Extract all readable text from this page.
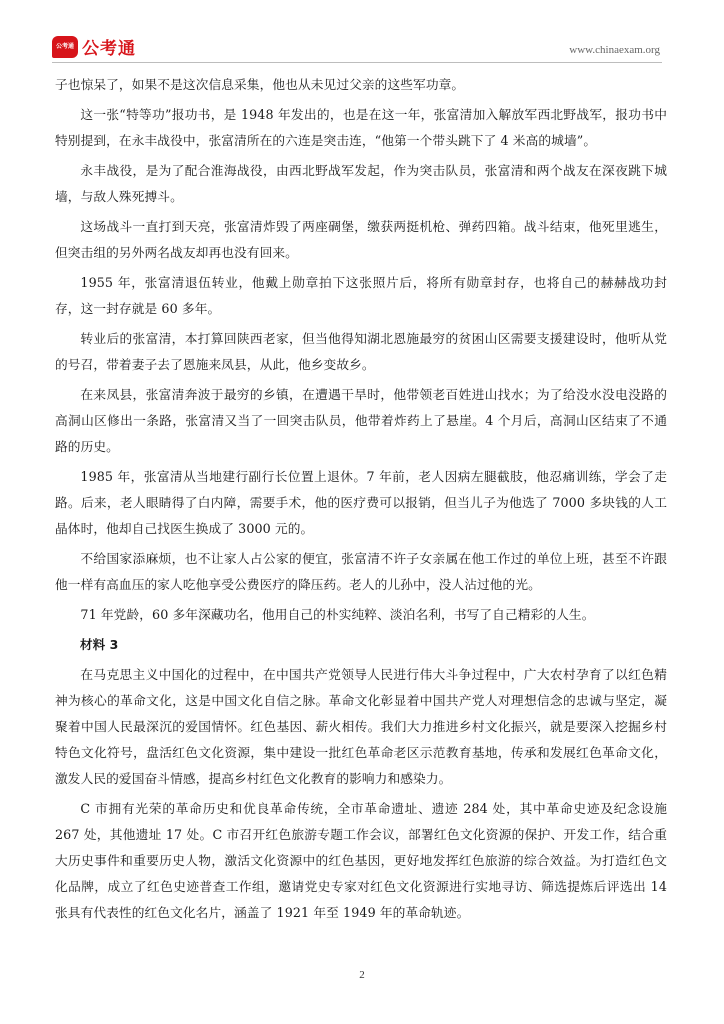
公考通 公考通	www.chinaexam.org

子也惊呆了，如果不是这次信息采集，他也从未见过父亲的这些军功章。

这一张“特等功”报功书，是 1948 年发出的，也是在这一年，张富清加入解放军西北野战军，报功书中特别提到，在永丰战役中，张富清所在的六连是突击连，“他第一个带头跳下了 4 米高的城墙”。

永丰战役，是为了配合淮海战役，由西北野战军发起，作为突击队员，张富清和两个战友在深夜跳下城墙，与敌人殊死搏斗。

这场战斗一直打到天亮，张富清炸毁了两座碉堡，缴获两挺机枪、弹药四箱。战斗结束，他死里逃生，但突击组的另外两名战友却再也没有回来。

1955 年，张富清退伍转业，他戴上勋章拍下这张照片后，将所有勋章封存，也将自己的赫赫战功封存，这一封存就是 60 多年。

转业后的张富清，本打算回陕西老家，但当他得知湖北恩施最穷的贫困山区需要支援建设时，他听从党的号召，带着妻子去了恩施来凤县，从此，他乡变故乡。

在来凤县，张富清奔波于最穷的乡镇，在遭遇干旱时，他带领老百姓进山找水；为了给没水没电没路的高洞山区修出一条路，张富清又当了一回突击队员，他带着炸药上了悬崖。4 个月后，高洞山区结束了不通路的历史。

1985 年，张富清从当地建行副行长位置上退休。7 年前，老人因病左腿截肢，他忍痛训练，学会了走路。后来，老人眼睛得了白内障，需要手术，他的医疗费可以报销，但当儿子为他选了 7000 多块钱的人工晶体时，他却自己找医生换成了 3000 元的。

不给国家添麻烦，也不让家人占公家的便宜，张富清不许子女亲属在他工作过的单位上班，甚至不许跟他一样有高血压的家人吃他享受公费医疗的降压药。老人的儿孙中，没人沾过他的光。

71 年党龄，60 多年深藏功名，他用自己的朴实纯粹、淡泊名利，书写了自己精彩的人生。

材料 3

在马克思主义中国化的过程中，在中国共产党领导人民进行伟大斗争过程中，广大农村孕育了以红色精神为核心的革命文化，这是中国文化自信之脉。革命文化彰显着中国共产党人对理想信念的忠诚与坚定，凝聚着中国人民最深沉的爱国情怀。红色基因、薪火相传。我们大力推进乡村文化振兴，就是要深入挖掘乡村特色文化符号，盘活红色文化资源，集中建设一批红色革命老区示范教育基地，传承和发展红色革命文化，激发人民的爱国奋斗情感，提高乡村红色文化教育的影响力和感染力。

C 市拥有光荣的革命历史和优良革命传统，全市革命遗址、遗迹 284 处，其中革命史迹及纪念设施 267 处，其他遗址 17 处。C 市召开红色旅游专题工作会议，部署红色文化资源的保护、开发工作，结合重大历史事件和重要历史人物，激活文化资源中的红色基因，更好地发挥红色旅游的综合效益。为打造红色文化品牌，成立了红色史迹普查工作组，邀请党史专家对红色文化资源进行实地寻访、筛选提炼后评选出 14 张具有代表性的红色文化名片，涵盖了 1921 年至 1949 年的革命轨迹。

2
